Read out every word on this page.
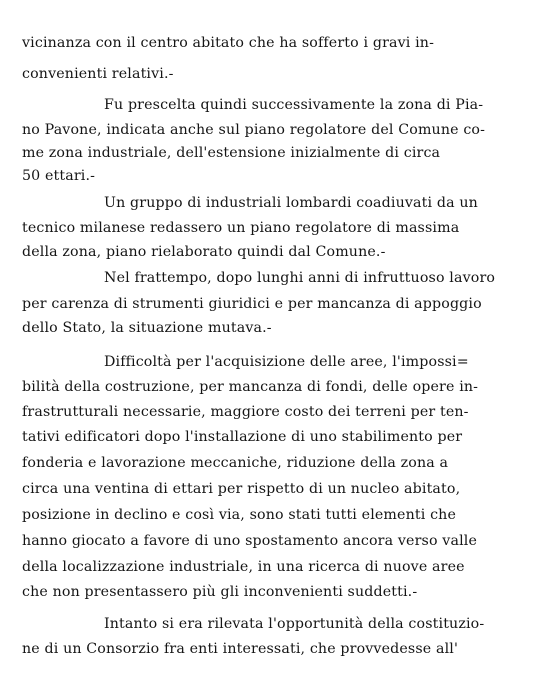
vicinanza con il centro abitato che ha sofferto i gravi in-
convenienti relativi.-
Fu prescelta quindi successivamente la zona di Pia-
no Pavone, indicata anche sul piano regolatore del Comune co-
me zona industriale, dell'estensione inizialmente di circa
50 ettari.-
Un gruppo di industriali lombardi coadiuvati da un
tecnico milanese redassero un piano regolatore di massima
della zona, piano rielaborato quindi dal Comune.-
Nel frattempo, dopo lunghi anni di infruttuoso lavoro
per carenza di strumenti giuridici e per mancanza di appoggio
dello Stato, la situazione mutava.-
Difficoltà per l'acquisizione delle aree, l'impossi=
bilità della costruzione, per mancanza di fondi, delle opere in-
frastrutturali necessarie, maggiore costo dei terreni per ten-
tativi edificatori dopo l'installazione di uno stabilimento per
fonderia e lavorazione meccaniche, riduzione della zona a
circa una ventina di ettari per rispetto di un nucleo abitato,
posizione in declino e così via, sono stati tutti elementi che
hanno giocato a favore di uno spostamento ancora verso valle
della localizzazione industriale, in una ricerca di nuove aree
che non presentassero più gli inconvenienti suddetti.-
Intanto si era rilevata l'opportunità della costituzio-
ne di un Consorzio fra enti interessati, che provvedesse all'
